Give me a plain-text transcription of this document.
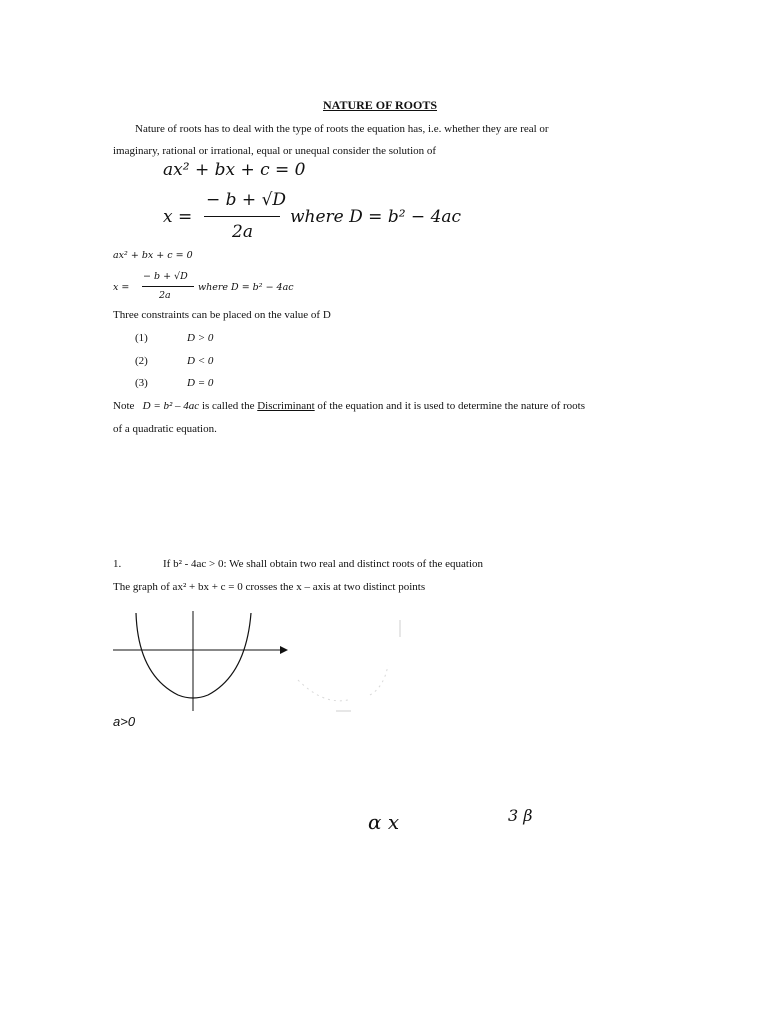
NATURE OF ROOTS
Nature of roots has to deal with the type of roots the equation has, i.e. whether they are real or
imaginary, rational or irrational, equal or unequal consider the solution of
ax² + bx + c = 0
x =
− b + √D
2a
where D = b² − 4ac
ax² + bx + c = 0
x =
− b + √D
2a
where D = b² − 4ac
Three constraints can be placed on the value of D
(1)	D > 0
(2)	D < 0
(3)	D = 0
Note D = b² – 4ac is called the Discriminant of the equation and it is used to determine the nature of roots
of a quadratic equation.
1.	If b² - 4ac > 0: We shall obtain two real and distinct roots of the equation
The graph of ax² + bx + c = 0 crosses the x – axis at two distinct points
a>0
α x	3 β
